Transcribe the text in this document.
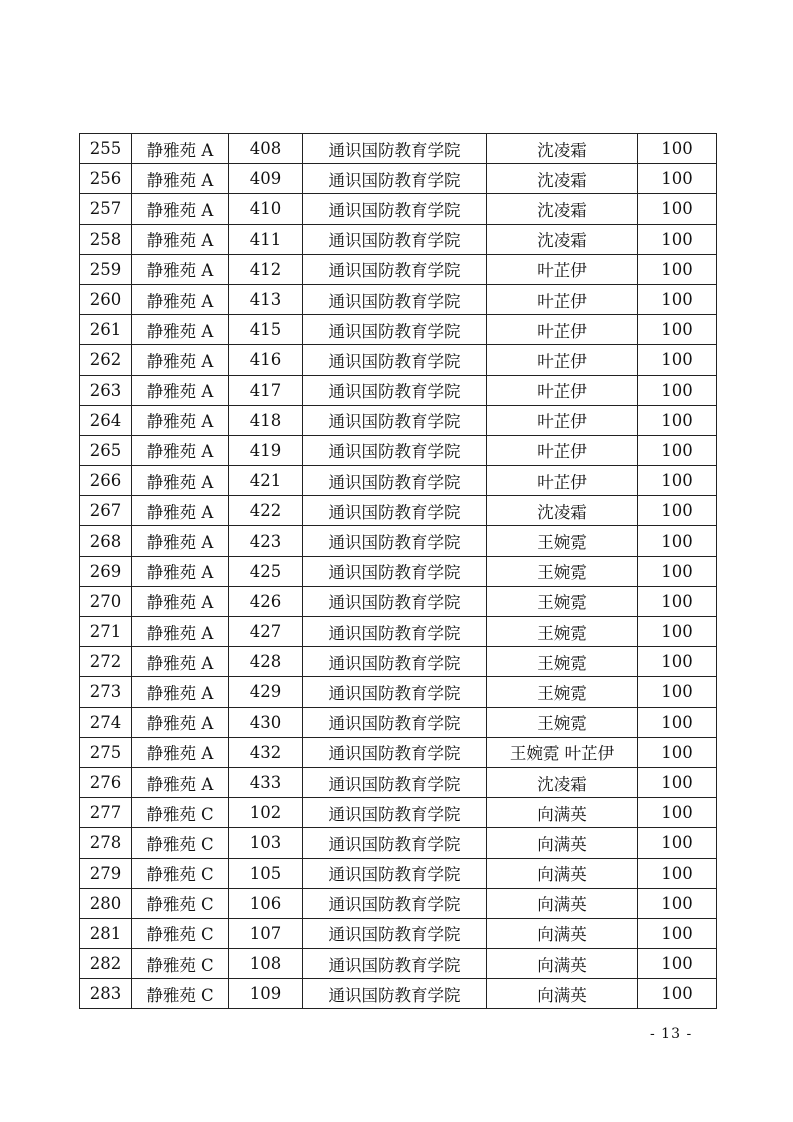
255	静雅苑 A	408	通识国防教育学院	沈凌霜	100
256	静雅苑 A	409	通识国防教育学院	沈凌霜	100
257	静雅苑 A	410	通识国防教育学院	沈凌霜	100
258	静雅苑 A	411	通识国防教育学院	沈凌霜	100
259	静雅苑 A	412	通识国防教育学院	叶芷伊	100
260	静雅苑 A	413	通识国防教育学院	叶芷伊	100
261	静雅苑 A	415	通识国防教育学院	叶芷伊	100
262	静雅苑 A	416	通识国防教育学院	叶芷伊	100
263	静雅苑 A	417	通识国防教育学院	叶芷伊	100
264	静雅苑 A	418	通识国防教育学院	叶芷伊	100
265	静雅苑 A	419	通识国防教育学院	叶芷伊	100
266	静雅苑 A	421	通识国防教育学院	叶芷伊	100
267	静雅苑 A	422	通识国防教育学院	沈凌霜	100
268	静雅苑 A	423	通识国防教育学院	王婉霓	100
269	静雅苑 A	425	通识国防教育学院	王婉霓	100
270	静雅苑 A	426	通识国防教育学院	王婉霓	100
271	静雅苑 A	427	通识国防教育学院	王婉霓	100
272	静雅苑 A	428	通识国防教育学院	王婉霓	100
273	静雅苑 A	429	通识国防教育学院	王婉霓	100
274	静雅苑 A	430	通识国防教育学院	王婉霓	100
275	静雅苑 A	432	通识国防教育学院	王婉霓 叶芷伊	100
276	静雅苑 A	433	通识国防教育学院	沈凌霜	100
277	静雅苑 C	102	通识国防教育学院	向满英	100
278	静雅苑 C	103	通识国防教育学院	向满英	100
279	静雅苑 C	105	通识国防教育学院	向满英	100
280	静雅苑 C	106	通识国防教育学院	向满英	100
281	静雅苑 C	107	通识国防教育学院	向满英	100
282	静雅苑 C	108	通识国防教育学院	向满英	100
283	静雅苑 C	109	通识国防教育学院	向满英	100
- 13 -
